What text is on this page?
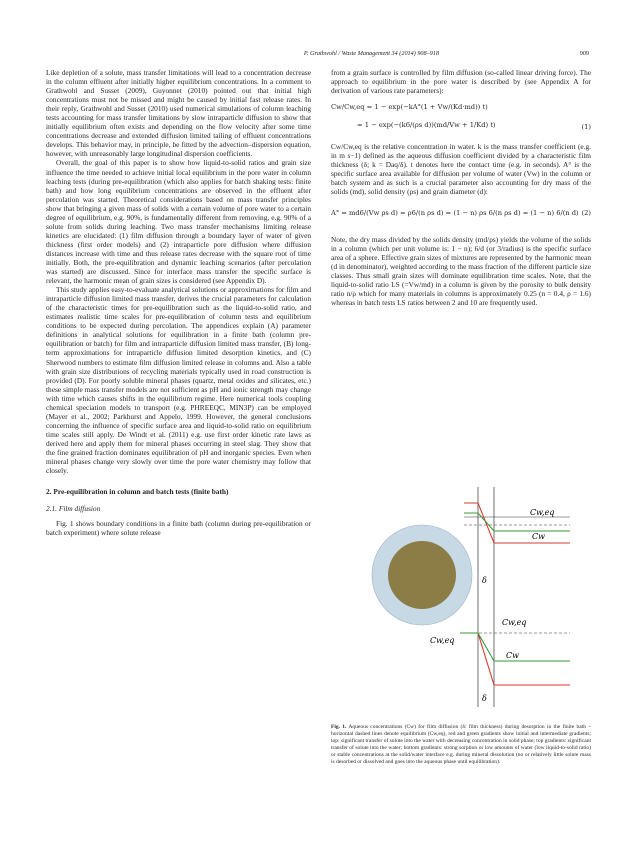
P. Grathwohl / Waste Management 34 (2014) 908–918	909

Like depletion of a solute, mass transfer limitations will lead to a concentration decrease in the column effluent after initially higher equilibrium concentrations. In a comment to Grathwohl and Susset (2009), Guyonnet (2010) pointed out that initial high concentrations must not be missed and might be caused by initial fast release rates. In their reply, Grathwohl and Susset (2010) used numerical simulations of column leaching tests accounting for mass transfer limitations by slow intraparticle diffusion to show that initially equilibrium often exists and depending on the flow velocity after some time concentrations decrease and extended diffusion limited tailing of effluent concentrations develops. This behavior may, in principle, be fitted by the advection–dispersion equation, however, with unreasonably large longitudinal dispersion coefficients.

Overall, the goal of this paper is to show how liquid-to-solid ratios and grain size influence the time needed to achieve initial local equilibrium in the pore water in column leaching tests (during pre-equilibration (which also applies for batch shaking tests: finite bath) and how long equilibrium concentrations are observed in the effluent after percolation was started. Theoretical considerations based on mass transfer principles show that bringing a given mass of solids with a certain volume of pore water to a certain degree of equilibrium, e.g. 90%, is fundamentally different from removing, e.g. 90% of a solute from solids during leaching. Two mass transfer mechanisms limiting release kinetics are elucidated: (1) film diffusion through a boundary layer of water of given thickness (first order models) and (2) intraparticle pore diffusion where diffusion distances increase with time and thus release rates decrease with the square root of time initially. Both, the pre-equilibration and dynamic leaching scenarios (after percolation was started) are discussed. Since for interface mass transfer the specific surface is relevant, the harmonic mean of grain sizes is considered (see Appendix D).

This study applies easy-to-evaluate analytical solutions or approximations for film and intraparticle diffusion limited mass transfer, derives the crucial parameters for calculation of the characteristic times for pre-equilibration such as the liquid-to-solid ratio, and estimates realistic time scales for pre-equilibration of column tests and equilibrium conditions to be expected during percolation. The appendices explain (A) parameter definitions in analytical solutions for equilibration in a finite bath (column pre-equilibration or batch) for film and intraparticle diffusion limited mass transfer, (B) long-term approximations for intraparticle diffusion limited desorption kinetics, and (C) Sherwood numbers to estimate film diffusion limited release in columns and. Also a table with grain size distributions of recycling materials typically used in road construction is provided (D). For poorly soluble mineral phases (quartz, metal oxides and silicates, etc.) these simple mass transfer models are not sufficient as pH and ionic strength may change with time which causes shifts in the equilibrium regime. Here numerical tools coupling chemical speciation models to transport (e.g. PHREEQC, MIN3P) can be employed (Mayer et al., 2002; Parkhurst and Appelo, 1999. However, the general conclusions concerning the influence of specific surface area and liquid-to-solid ratio on equilibrium time scales still apply. De Windt et al. (2011) e.g. use first order kinetic rate laws as derived here and apply them for mineral phases occurring in steel slag. They show that the fine grained fraction dominates equilibration of pH and inorganic species. Even when mineral phases change very slowly over time the pore water chemistry may follow that closely.

2. Pre-equilibration in column and batch tests (finite bath)

2.1. Film diffusion

Fig. 1 shows boundary conditions in a finite bath (column during pre-equilibration or batch experiment) where solute release

from a grain surface is controlled by film diffusion (so-called linear driving force). The approach to equilibrium in the pore water is described by (see Appendix A for derivation of various rate parameters):

Cw/Cw,eq = 1 − exp(−kA°(1 + Vw/(Kd·md)) t)
= 1 − exp(−(k6/(ρs d))(md/Vw + 1/Kd) t)	(1)

Cw/Cw,eq is the relative concentration in water. k is the mass transfer coefficient (e.g. in m s−1) defined as the aqueous diffusion coefficient divided by a characteristic film thickness (δ; k = Daq/δ). t denotes here the contact time (e.g. in seconds). A° is the specific surface area available for diffusion per volume of water (Vw) in the column or batch system and as such is a crucial parameter also accounting for dry mass of the solids (md), solid density (ρs) and grain diameter (d):

A° = md6/(Vw ρs d) = ρ6/(n ρs d) = (1 − n) ρs 6/(n ρs d) = (1 − n) 6/(n d) (2)

Note, the dry mass divided by the solids density (md/ρs) yields the volume of the solids in a column (which per unit volume is: 1 − n); 6/d (or 3/radius) is the specific surface area of a sphere. Effective grain sizes of mixtures are represented by the harmonic mean (d in denominator), weighted according to the mass fraction of the different particle size classes. Thus small grain sizes will dominate equilibration time scales. Note, that the liquid-to-solid ratio LS (=Vw/md) in a column is given by the porosity to bulk density ratio n/ρ which for many materials in columns is approximately 0.25 (n = 0.4, ρ = 1.6) whereas in batch tests LS ratios between 2 and 10 are frequently used.

Cw,eq
Cw
δ
Cw,eq
Cw,eq
Cw
δ
Fig. 1. Aqueous concentrations (Cw) for film diffusion (δ: film thickness) during desorption in the finite bath – horizontal dashed lines denote equilibrium (Cw,eq), red and green gradients show initial and intermediate gradients; top: significant transfer of solute into the water with decreasing concentration in solid phase; top gradients: significant transfer of solute into the water; bottom gradients: strong sorption or low amounts of water (low liquid-to-solid ratio) or stable concentrations at the solid/water interface e.g. during mineral dissolution (no or relatively little solute mass is desorbed or dissolved and goes into the aqueous phase until equilibration).
